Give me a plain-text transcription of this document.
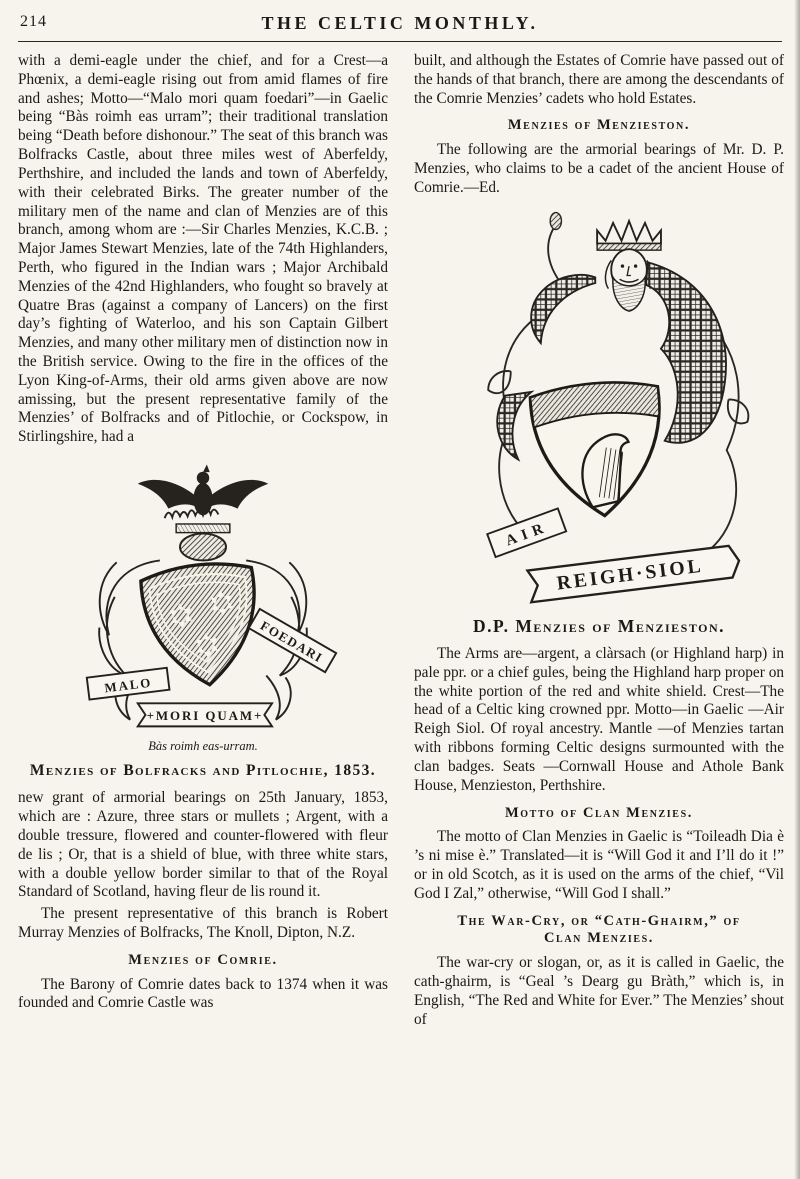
214	THE CELTIC MONTHLY.

with a demi-eagle under the chief, and for a Crest—a Phœnix, a demi-eagle rising out from amid flames of fire and ashes; Motto—“Malo mori quam foedari”—in Gaelic being “Bàs roimh eas urram”; their traditional translation being “Death before dishonour.” The seat of this branch was Bolfracks Castle, about three miles west of Aberfeldy, Perthshire, and included the lands and town of Aberfeldy, with their celebrated Birks. The greater number of the military men of the name and clan of Menzies are of this branch, among whom are :—Sir Charles Menzies, K.C.B. ; Major James Stewart Menzies, late of the 74th Highlanders, Perth, who figured in the Indian wars ; Major Archibald Menzies of the 42nd Highlanders, who fought so bravely at Quatre Bras (against a company of Lancers) on the first day’s fighting of Waterloo, and his son Captain Gilbert Menzies, and many other military men of distinction now in the British service. Owing to the fire in the offices of the Lyon King-of-Arms, their old arms given above are now amissing, but the present representative family of the Menzies’ of Bolfracks and of Pitlochie, or Cockspow, in Stirlingshire, had a

MALO
FOEDARI
+MORI QUAM+
Bàs roimh eas-urram.
Menzies of Bolfracks and Pitlochie, 1853.

new grant of armorial bearings on 25th January, 1853, which are : Azure, three stars or mullets ; Argent, with a double tressure, flowered and counter-flowered with fleur de lis ; Or, that is a shield of blue, with three white stars, with a double yellow border similar to that of the Royal Standard of Scotland, having fleur de lis round it.

The present representative of this branch is Robert Murray Menzies of Bolfracks, The Knoll, Dipton, N.Z.

Menzies of Comrie.

The Barony of Comrie dates back to 1374 when it was founded and Comrie Castle was

built, and although the Estates of Comrie have passed out of the hands of that branch, there are among the descendants of the Comrie Menzies’ cadets who hold Estates.

Menzies of Menzieston.

The following are the armorial bearings of Mr. D. P. Menzies, who claims to be a cadet of the ancient House of Comrie.—Ed.

AIR
REIGH·SIOL
D.P. Menzies of Menzieston.

The Arms are—argent, a clàrsach (or Highland harp) in pale ppr. or a chief gules, being the Highland harp proper on the white portion of the red and white shield. Crest—The head of a Celtic king crowned ppr. Motto—in Gaelic —Air Reigh Siol. Of royal ancestry. Mantle —of Menzies tartan with ribbons forming Celtic designs surmounted with the clan badges. Seats —Cornwall House and Athole Bank House, Menzieston, Perthshire.

Motto of Clan Menzies.

The motto of Clan Menzies in Gaelic is “Toileadh Dia è ’s ni mise è.” Translated—it is “Will God it and I’ll do it !” or in old Scotch, as it is used on the arms of the chief, “Vil God I Zal,” otherwise, “Will God I shall.”

The War-Cry, or “Cath-Ghairm,” of
Clan Menzies.

The war-cry or slogan, or, as it is called in Gaelic, the cath-ghairm, is “Geal ’s Dearg gu Bràth,” which is, in English, “The Red and White for Ever.” The Menzies’ shout of
